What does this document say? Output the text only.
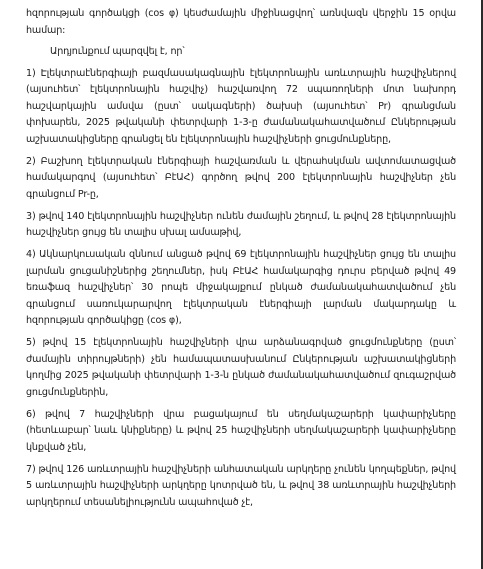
հզորության գործակցի (cos φ) կեսժամային միջինացվող՝ առնվազն վերջին 15 օրվա համար:

Արդյունքում պարզվել է, որ՝

1) Էլեկտրաէներգիայի բազմասակագնային էլեկտրոնային առևտրային հաշվիչներով (այսուհետ՝ էլեկտրոնային հաշվիչ) հաշվառվող 72 սպառողների մոտ նախորդ հաշվարկային ամսվա (ըստ՝ սակագների) ծախսի (այսուհետ՝ Pr) գրանցման փոխարեն, 2025 թվականի փետրվարի 1-3-ը ժամանակահատվածում Ընկերության աշխատակիցները գրանցել են էլեկտրոնային հաշվիչների ցուցմունքները,

2) Բաշխող էլեկտրական էներգիայի հաշվառման և վերահսկման ավտոմատացված համակարգով (այսուհետ՝ ԲէԱՀ) գործող թվով 200 էլեկտրոնային հաշվիչներ չեն գրանցում Pr-ը,

3) թվով 140 էլեկտրոնային հաշվիչներ ունեն ժամային շեղում, և թվով 28 էլեկտրոնային հաշվիչներ ցույց են տալիս սխալ ամսաթիվ,

4) Ակնարկուսական զննում անցած թվով 69 էլեկտրոնային հաշվիչներ ցույց են տալիս լարման ցուցանիշներից շեղումներ, իսկ ԲէԱՀ համակարգից դուրս բերված թվով 49 եռաֆազ հաշվիչներ՝ 30 րոպե միջակայքում ընկած ժամանակահատվածում չեն գրանցում սառուկարարվող էլեկտրական էներգիայի լարման մակարդակը և հզորության գործակիցը (cos φ),

5) թվով 15 էլեկտրոնային հաշվիչների վրա արձանագրված ցուցմունքները (ըստ՝ ժամային տիրույթների) չեն համապատասխանում Ընկերության աշխատակիցների կողմից 2025 թվականի փետրվարի 1-3-ն ընկած ժամանակահատվածում զուգաշրված ցուցմունքներին,

6) թվով 7 հաշվիչների վրա բացակայում են սեղմակաշարերի կափարիչները (հետևաբար՝ նաև կնիքները) և թվով 25 հաշվիչների սեղմակաշարերի կափարիչները կնքված չեն,

7) թվով 126 առևտրային հաշվիչների անհատական արկղերը չունեն կողպեքներ, թվով 5 առևտրային հաշվիչների արկղերը կոտրված են, և թվով 38 առևտրային հաշվիչների արկղերում տեսանելիությունն ապահոված չէ,
